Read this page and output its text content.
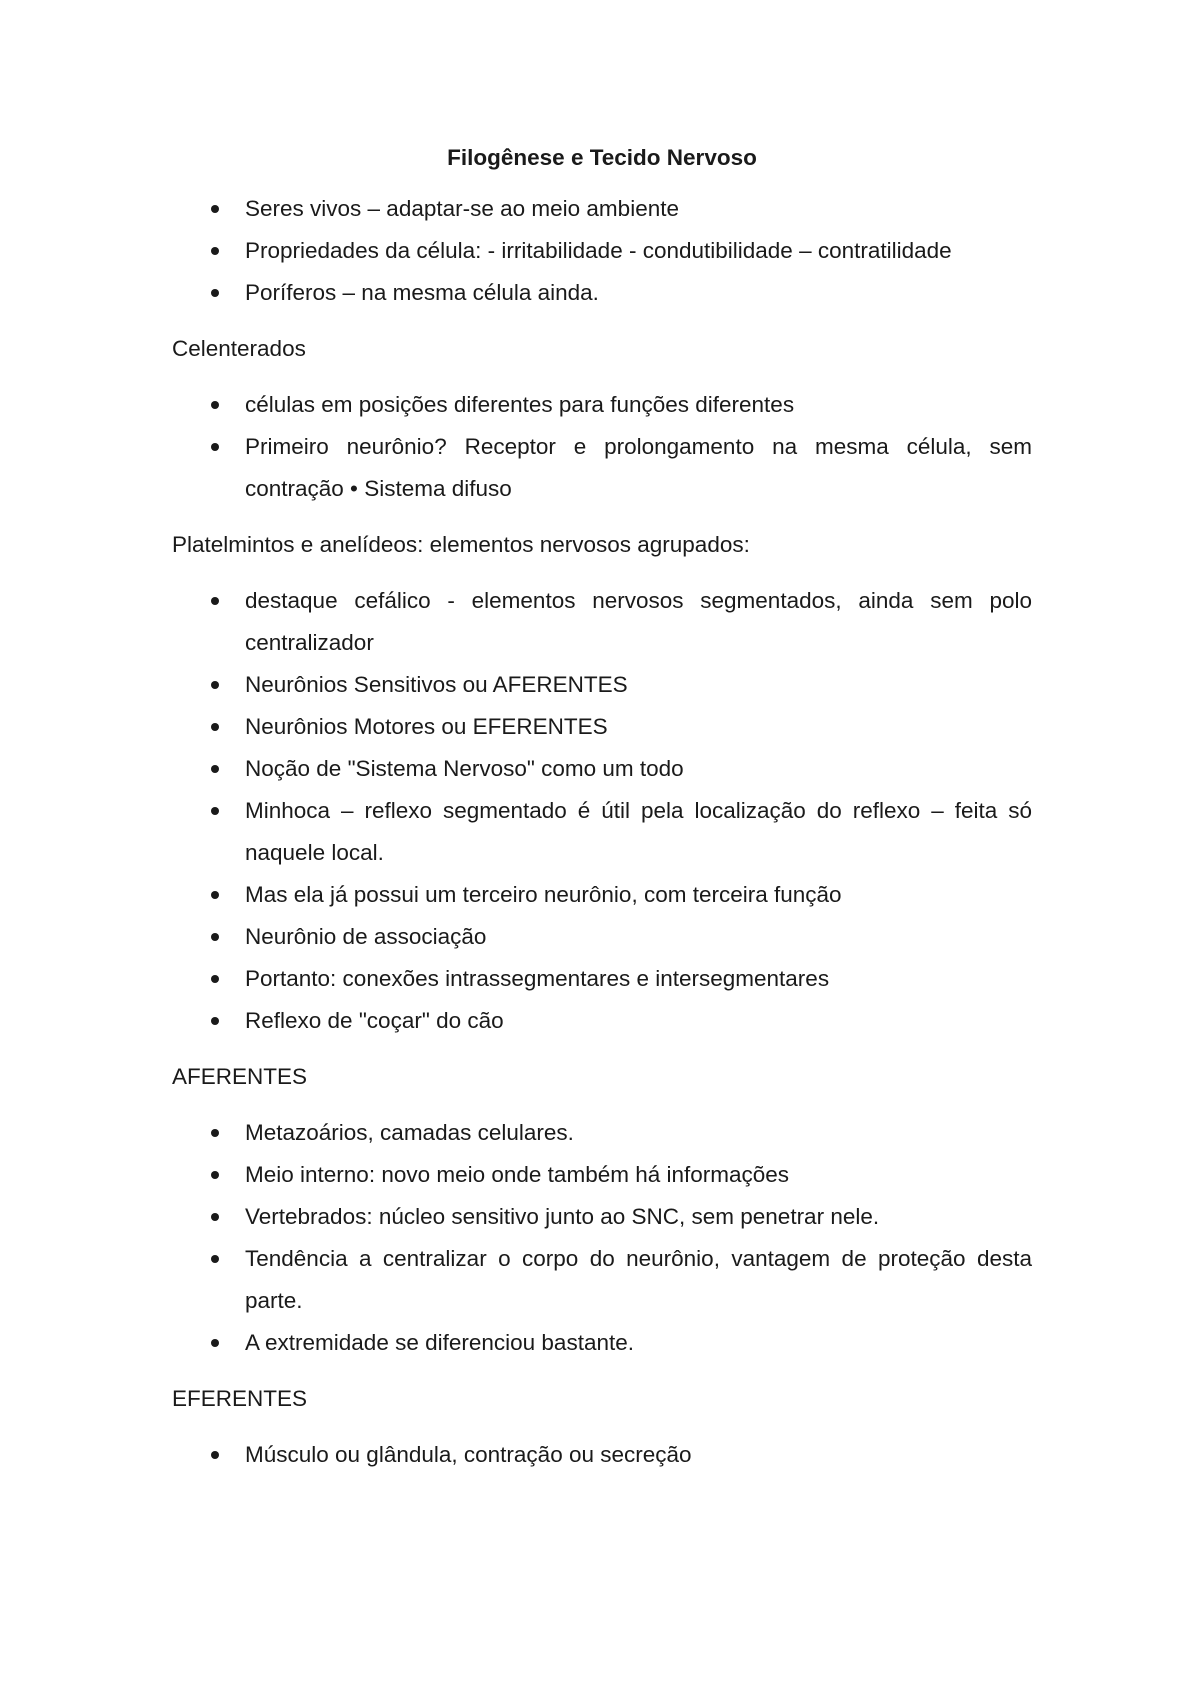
Filogênese e Tecido Nervoso
Seres vivos – adaptar-se ao meio ambiente
Propriedades da célula: - irritabilidade - condutibilidade – contratilidade
Poríferos – na mesma célula ainda.
Celenterados
células em posições diferentes para funções diferentes
Primeiro neurônio? Receptor e prolongamento na mesma célula, sem contração • Sistema difuso
Platelmintos e anelídeos: elementos nervosos agrupados:
destaque cefálico - elementos nervosos segmentados, ainda sem polo centralizador
Neurônios Sensitivos ou AFERENTES
Neurônios Motores ou EFERENTES
Noção de "Sistema Nervoso" como um todo
Minhoca – reflexo segmentado é útil pela localização do reflexo – feita só naquele local.
Mas ela já possui um terceiro neurônio, com terceira função
Neurônio de associação
Portanto: conexões intrassegmentares e intersegmentares
Reflexo de "coçar" do cão
AFERENTES
Metazoários, camadas celulares.
Meio interno: novo meio onde também há informações
Vertebrados: núcleo sensitivo junto ao SNC, sem penetrar nele.
Tendência a centralizar o corpo do neurônio, vantagem de proteção desta parte.
A extremidade se diferenciou bastante.
EFERENTES
Músculo ou glândula, contração ou secreção
